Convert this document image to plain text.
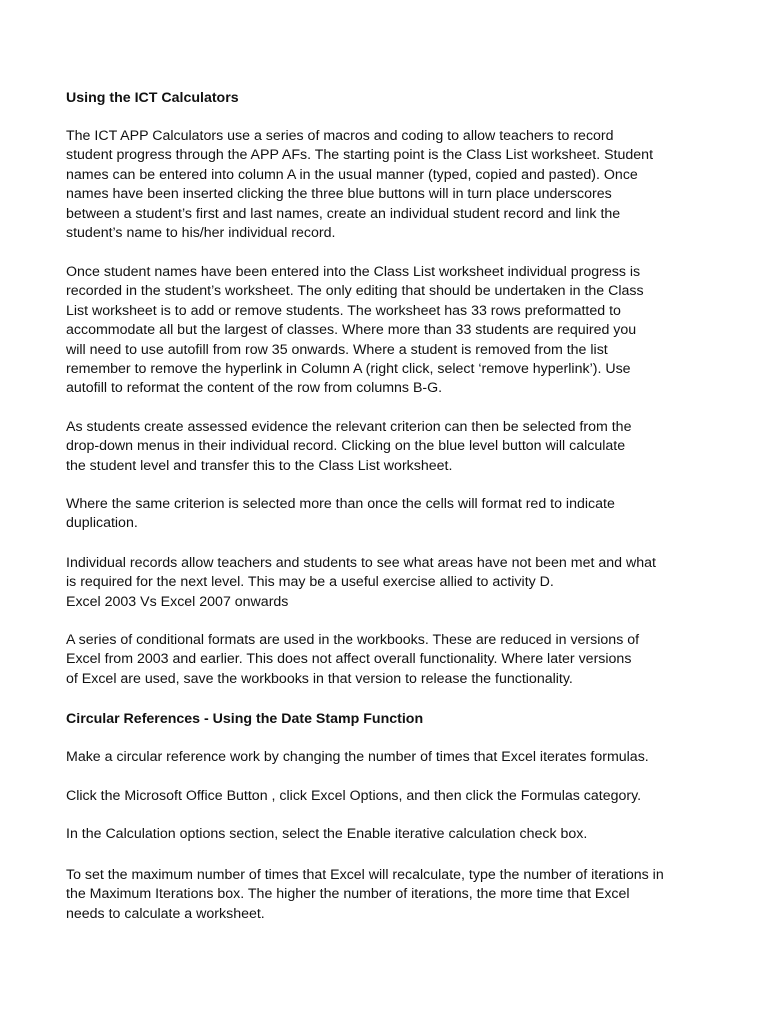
Using the ICT Calculators

The ICT APP Calculators use a series of macros and coding to allow teachers to record
student progress through the APP AFs. The starting point is the Class List worksheet. Student
names can be entered into column A in the usual manner (typed, copied and pasted). Once
names have been inserted clicking the three blue buttons will in turn place underscores
between a student’s first and last names, create an individual student record and link the
student’s name to his/her individual record.

Once student names have been entered into the Class List worksheet individual progress is
recorded in the student’s worksheet. The only editing that should be undertaken in the Class
List worksheet is to add or remove students. The worksheet has 33 rows preformatted to
accommodate all but the largest of classes. Where more than 33 students are required you
will need to use autofill from row 35 onwards. Where a student is removed from the list
remember to remove the hyperlink in Column A (right click, select ‘remove hyperlink’). Use
autofill to reformat the content of the row from columns B-G.

As students create assessed evidence the relevant criterion can then be selected from the
drop-down menus in their individual record. Clicking on the blue level button will calculate
the student level and transfer this to the Class List worksheet.

Where the same criterion is selected more than once the cells will format red to indicate
duplication.

Individual records allow teachers and students to see what areas have not been met and what
is required for the next level. This may be a useful exercise allied to activity D.
Excel 2003 Vs Excel 2007 onwards

A series of conditional formats are used in the workbooks. These are reduced in versions of
Excel from 2003 and earlier. This does not affect overall functionality. Where later versions
of Excel are used, save the workbooks in that version to release the functionality.

Circular References - Using the Date Stamp Function

Make a circular reference work by changing the number of times that Excel iterates formulas.

Click the Microsoft Office Button , click Excel Options, and then click the Formulas category.

In the Calculation options section, select the Enable iterative calculation check box.

To set the maximum number of times that Excel will recalculate, type the number of iterations in
the Maximum Iterations box. The higher the number of iterations, the more time that Excel
needs to calculate a worksheet.
